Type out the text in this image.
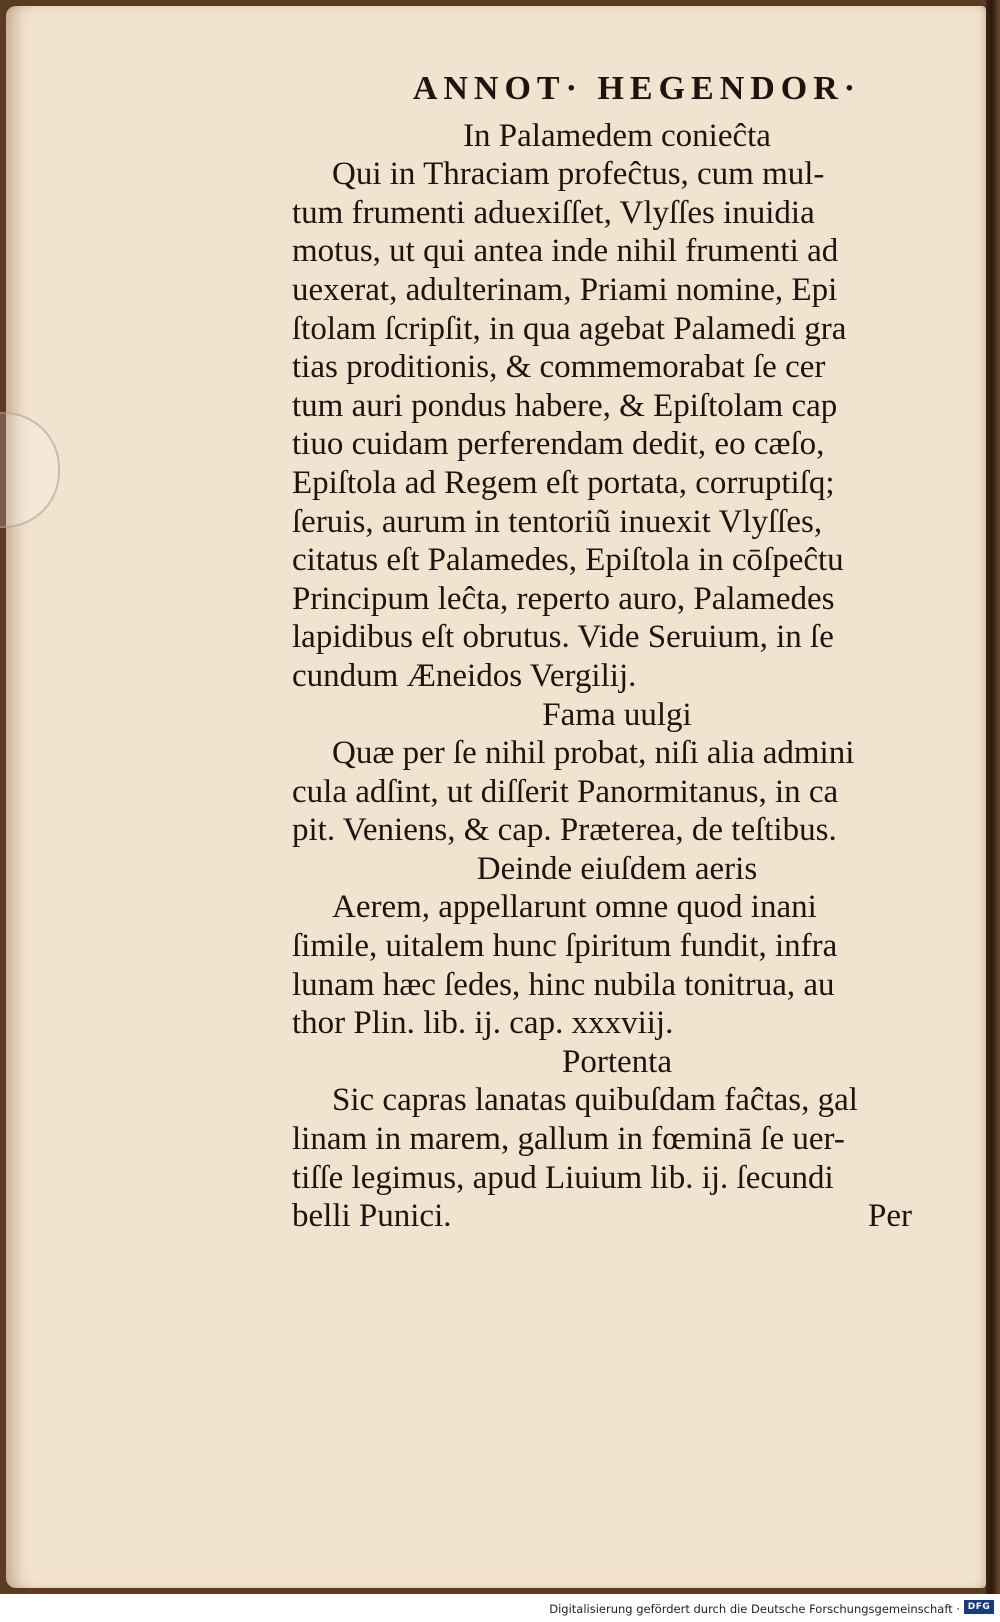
ANNOT· HEGENDOR·

In Palamedem conieĉta

Qui in Thraciam profeĉtus, cum mul-

tum frumenti aduexiſſet, Vlyſſes inuidia

motus, ut qui antea inde nihil frumenti ad

uexerat, adulterinam, Priami nomine, Epi

ſtolam ſcripſit, in qua agebat Palamedi gra

tias proditionis, & commemorabat ſe cer

tum auri pondus habere, & Epiſtolam cap

tiuo cuidam perferendam dedit, eo cæſo,

Epiſtola ad Regem eſt portata, corruptiſq;

ſeruis, aurum in tentoriũ inuexit Vlyſſes,

citatus eſt Palamedes, Epiſtola in cōſpeĉtu

Principum leĉta, reperto auro, Palamedes

lapidibus eſt obrutus. Vide Seruium, in ſe

cundum Æneidos Vergilij.

Fama uulgi

Quæ per ſe nihil probat, niſi alia admini

cula adſint, ut diſſerit Panormitanus, in ca

pit. Veniens, & cap. Præterea, de teſtibus.

Deinde eiuſdem aeris

Aerem, appellarunt omne quod inani

ſimile, uitalem hunc ſpiritum fundit, infra

lunam hæc ſedes, hinc nubila tonitrua, au

thor Plin. lib. ij. cap. xxxviij.

Portenta

Sic capras lanatas quibuſdam faĉtas, gal

linam in marem, gallum in fœminā ſe uer-

tiſſe legimus, apud Liuium lib. ij. ſecundi

belli Punici.	Per

Digitalisierung gefördert durch die Deutsche Forschungsgemeinschaft · DFG
